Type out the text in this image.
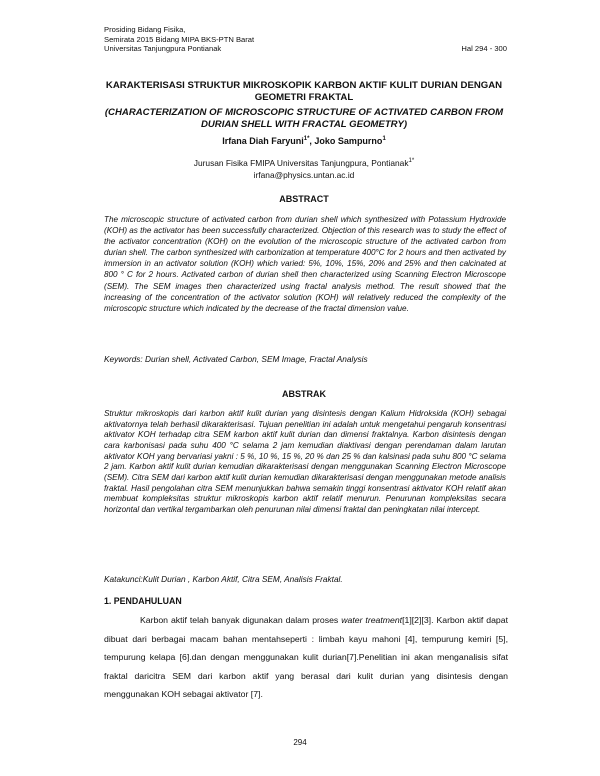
Prosiding Bidang Fisika,
Semirata 2015 Bidang MIPA BKS-PTN Barat
Universitas Tanjungpura Pontianak	Hal 294 - 300
KARAKTERISASI STRUKTUR MIKROSKOPIK KARBON AKTIF KULIT DURIAN DENGAN GEOMETRI FRAKTAL
(CHARACTERIZATION OF MICROSCOPIC STRUCTURE OF ACTIVATED CARBON FROM DURIAN SHELL WITH FRACTAL GEOMETRY)
Irfana Diah Faryuni$^{1*}$, Joko Sampurno$^1$
Jurusan Fisika FMIPA Universitas Tanjungpura, Pontianak$^{1*}$
irfana@physics.untan.ac.id
ABSTRACT
The microscopic structure of activated carbon from durian shell which synthesized with Potassium Hydroxide (KOH) as the activator has been successfully characterized. Objection of this research was to study the effect of the activator concentration (KOH) on the evolution of the microscopic structure of the activated carbon from durian shell. The carbon synthesized with carbonization at temperature 400°C for 2 hours and then activated by immersion in an activator solution (KOH) which varied: 5%, 10%, 15%, 20% and 25% and then calcinated at 800 ° C for 2 hours. Activated carbon of durian shell then characterized using Scanning Electron Microscope (SEM). The SEM images then characterized using fractal analysis method. The result showed that the increasing of the concentration of the activator solution (KOH) will relatively reduced the complexity of the microscopic structure which indicated by the decrease of the fractal dimension value.
Keywords: Durian shell, Activated Carbon, SEM Image, Fractal Analysis
ABSTRAK
Struktur mikroskopis dari karbon aktif kulit durian yang disintesis dengan Kalium Hidroksida (KOH) sebagai aktivatornya telah berhasil dikarakterisasi. Tujuan penelitian ini adalah untuk mengetahui pengaruh konsentrasi aktivator KOH terhadap citra SEM karbon aktif kulit durian dan dimensi fraktalnya. Karbon disintesis dengan cara karbonisasi pada suhu 400 °C selama 2 jam kemudian diaktivasi dengan perendaman dalam larutan aktivator KOH yang bervariasi yakni : 5 %, 10 %, 15 %, 20 % dan 25 % dan kalsinasi pada suhu 800 °C selama 2 jam. Karbon aktif kulit durian kemudian dikarakterisasi dengan menggunakan Scanning Electron Microscope (SEM). Citra SEM dari karbon aktif kulit durian kemudian dikarakterisasi dengan menggunakan metode analisis fraktal. Hasil pengolahan citra SEM menunjukkan bahwa semakin tinggi konsentrasi aktivator KOH relatif akan membuat kompleksitas struktur mikroskopis karbon aktif relatif menurun. Penurunan kompleksitas secara horizontal dan vertikal tergambarkan oleh penurunan nilai dimensi fraktal dan peningkatan nilai intercept.
Katakunci:Kulit Durian , Karbon Aktif, Citra SEM, Analisis Fraktal.
1. PENDAHULUAN
Karbon aktif telah banyak digunakan dalam proses water treatment[1][2][3]. Karbon aktif dapat dibuat dari berbagai macam bahan mentahseperti : limbah kayu mahoni [4], tempurung kemiri [5], tempurung kelapa [6].dan dengan menggunakan kulit durian[7].Penelitian ini akan menganalisis sifat fraktal daricitra SEM dari karbon aktif yang berasal dari kulit durian yang disintesis dengan menggunakan KOH sebagai aktivator [7].
294
